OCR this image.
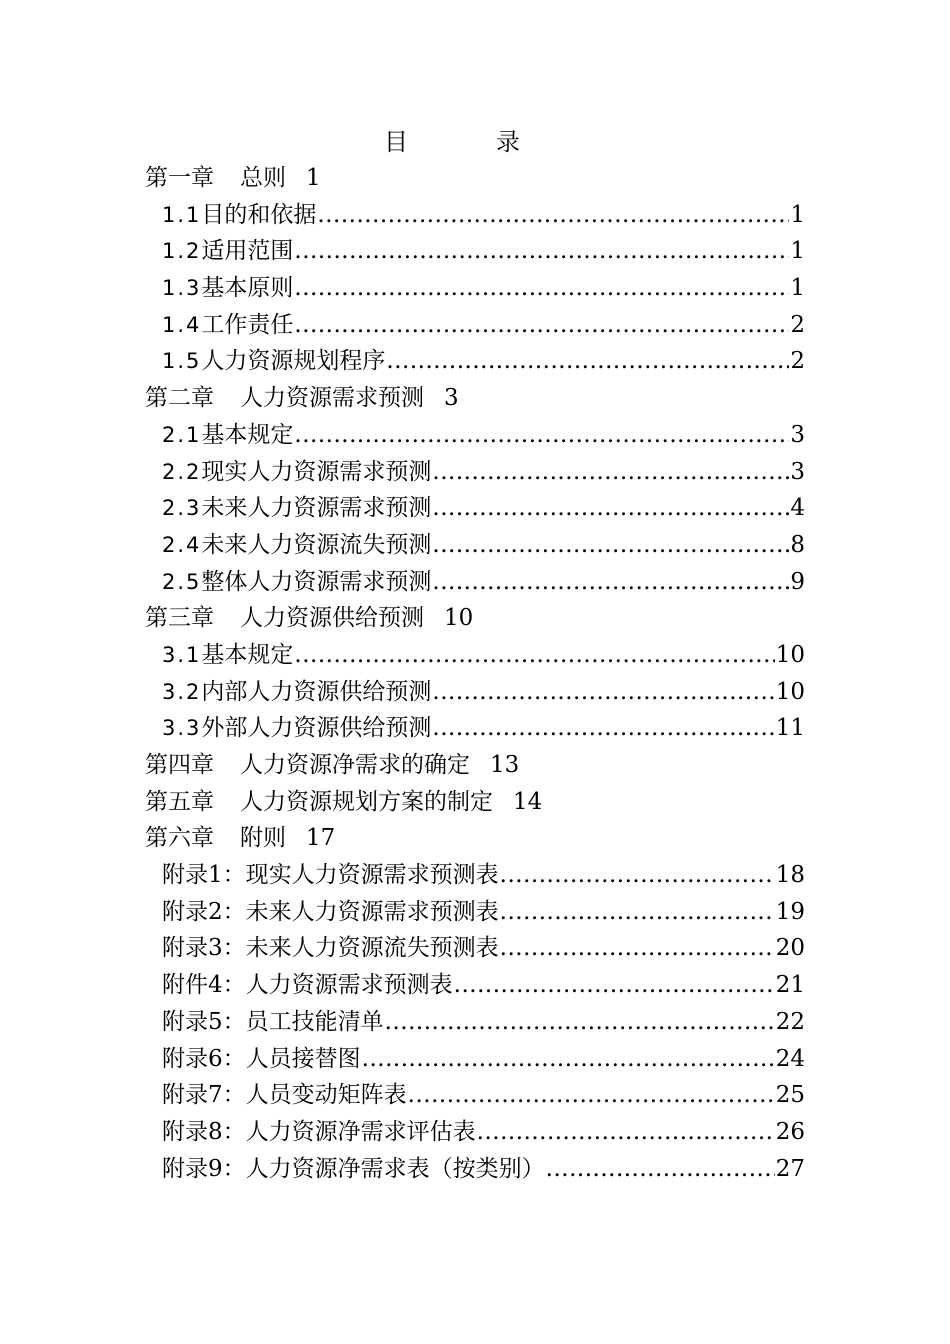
目录
第一章 总则 1
1.1 目的和依据 .....	1
1.2 适用范围 .....	1
1.3 基本原则 .....	1
1.4 工作责任 .....	2
1.5 人力资源规划程序 .....	2
第二章 人力资源需求预测 3
2.1 基本规定 .....	3
2.2 现实人力资源需求预测 .....	3
2.3 未来人力资源需求预测 .....	4
2.4 未来人力资源流失预测 .....	8
2.5 整体人力资源需求预测 .....	9
第三章 人力资源供给预测 10
3.1 基本规定 .....	10
3.2 内部人力资源供给预测 .....	10
3.3 外部人力资源供给预测 .....	11
第四章 人力资源净需求的确定 13
第五章 人力资源规划方案的制定 14
第六章 附则 17
附录1： 现实人力资源需求预测表 .....	18
附录2： 未来人力资源需求预测表 .....	19
附录3： 未来人力资源流失预测表 .....	20
附件4： 人力资源需求预测表 .....	21
附录5： 员工技能清单 .....	22
附录6： 人员接替图 .....	24
附录7： 人员变动矩阵表 .....	25
附录8： 人力资源净需求评估表 .....	26
附录9： 人力资源净需求表（按类别） .....	27
